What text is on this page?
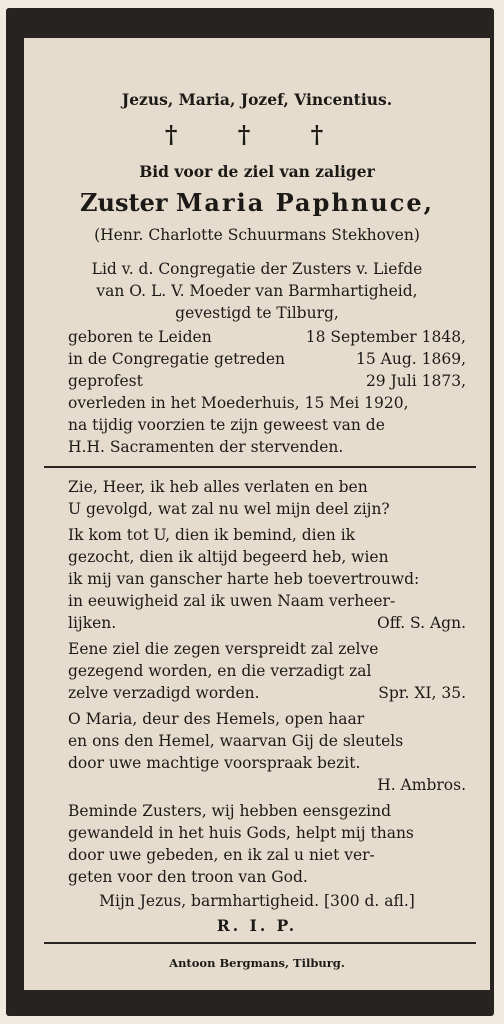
Jezus, Maria, Jozef, Vincentius.
† † †
Bid voor de ziel van zaliger
Zuster Maria Paphnuce,
(Henr. Charlotte Schuurmans Stekhoven)
Lid v. d. Congregatie der Zusters v. Liefde
van O. L. V. Moeder van Barmhartigheid,
gevestigd te Tilburg,
geboren te Leiden	18 September 1848,
in de Congregatie getreden	15 Aug. 1869,
geprofest	29 Juli 1873,
overleden in het Moederhuis, 15 Mei 1920,
na tijdig voorzien te zijn geweest van de
H.H. Sacramenten der stervenden.
Zie, Heer, ik heb alles verlaten en ben
U gevolgd, wat zal nu wel mijn deel zijn?
Ik kom tot U, dien ik bemind, dien ik
gezocht, dien ik altijd begeerd heb, wien
ik mij van ganscher harte heb toevertrouwd:
in eeuwigheid zal ik uwen Naam verheer-
lijken.	Off. S. Agn.
Eene ziel die zegen verspreidt zal zelve
gezegend worden, en die verzadigt zal
zelve verzadigd worden.	Spr. XI, 35.
O Maria, deur des Hemels, open haar
en ons den Hemel, waarvan Gij de sleutels
door uwe machtige voorspraak bezit.
H. Ambros.
Beminde Zusters, wij hebben eensgezind
gewandeld in het huis Gods, helpt mij thans
door uwe gebeden, en ik zal u niet ver-
geten voor den troon van God.
Mijn Jezus, barmhartigheid. [300 d. afl.]
R. I. P.
Antoon Bergmans, Tilburg.
